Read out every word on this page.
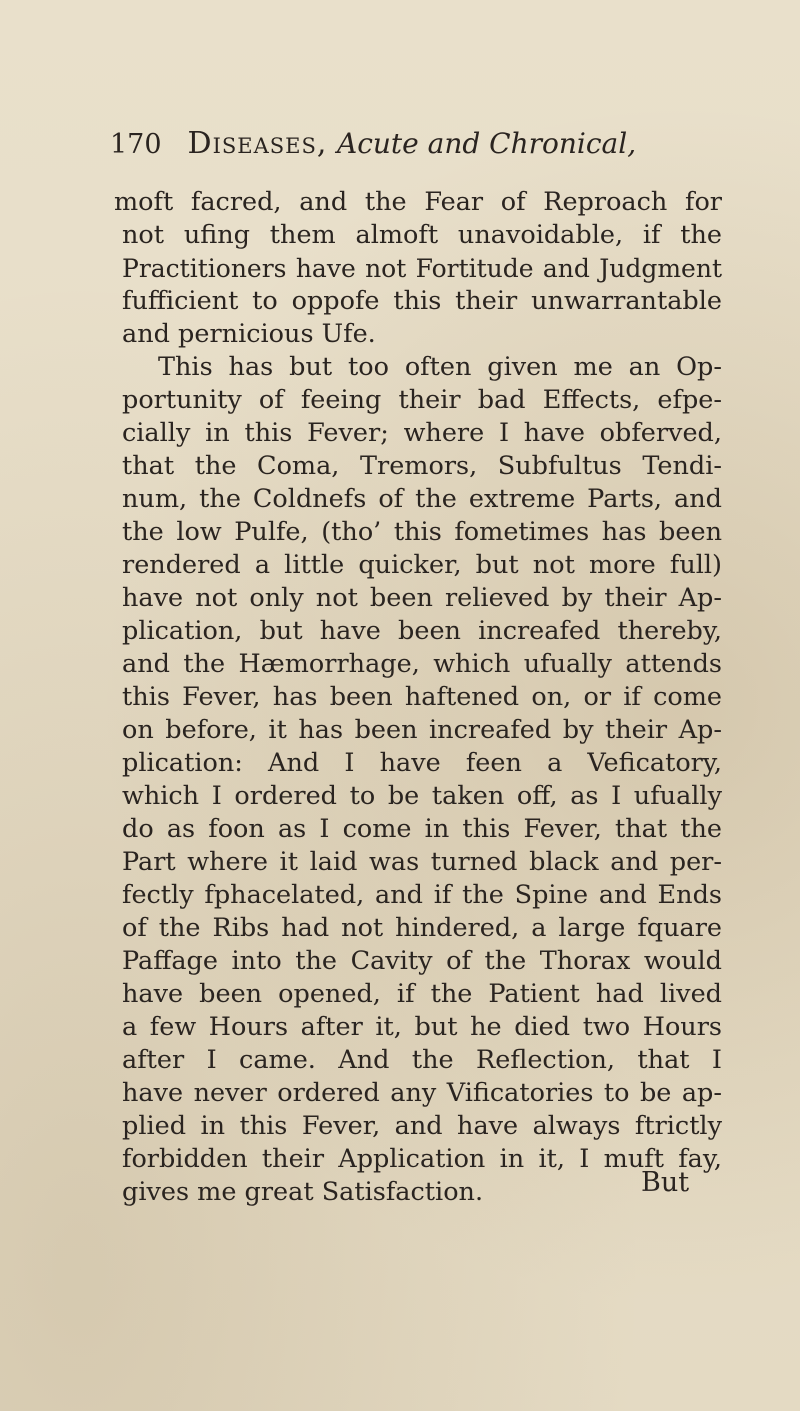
170 Diseases, Acute and Chronical,
moft facred, and the Fear of Reproach for
not ufing them almoft unavoidable, if the
Practitioners have not Fortitude and Judgment
fufficient to oppofe this their unwarrantable
and pernicious Ufe.
This has but too often given me an Op-
portunity of feeing their bad Effects, efpe-
cially in this Fever; where I have obferved,
that the Coma, Tremors, Subfultus Tendi-
num, the Coldnefs of the extreme Parts, and
the low Pulfe, (tho’ this fometimes has been
rendered a little quicker, but not more full)
have not only not been relieved by their Ap-
plication, but have been increafed thereby,
and the Hæmorrhage, which ufually attends
this Fever, has been haftened on, or if come
on before, it has been increafed by their Ap-
plication: And I have feen a Veficatory,
which I ordered to be taken off, as I ufually
do as foon as I come in this Fever, that the
Part where it laid was turned black and per-
fectly fphacelated, and if the Spine and Ends
of the Ribs had not hindered, a large fquare
Paffage into the Cavity of the Thorax would
have been opened, if the Patient had lived
a few Hours after it, but he died two Hours
after I came. And the Reflection, that I
have never ordered any Vificatories to be ap-
plied in this Fever, and have always ftrictly
forbidden their Application in it, I muft fay,
gives me great Satisfaction.	But
